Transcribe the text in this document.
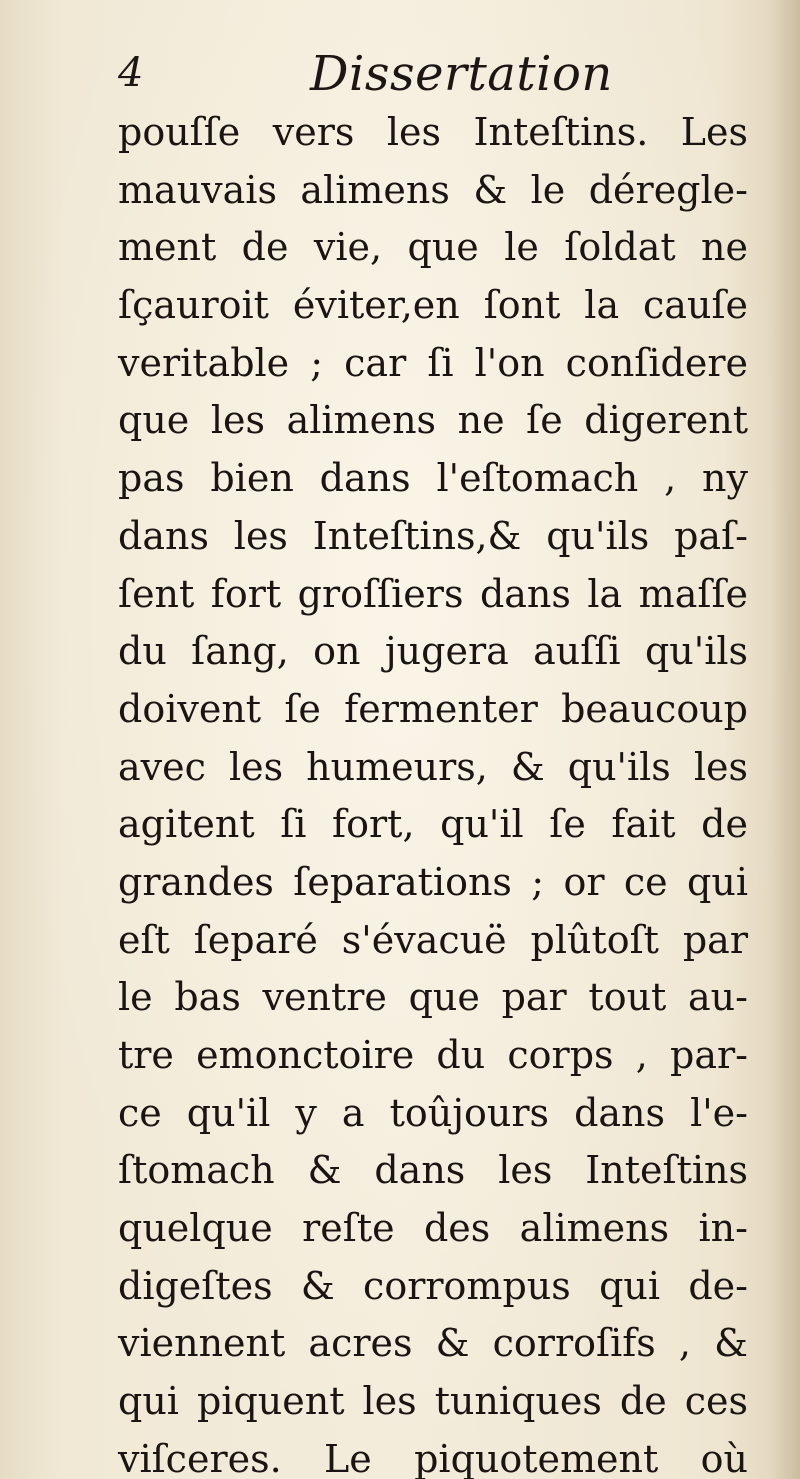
4	Dissertation
pouſſe vers les Inteſtins. Les
mauvais alimens & le déregle-
ment de vie, que le ſoldat ne
ſçauroit éviter,en ſont la cauſe
veritable ; car ſi l'on conſidere
que les alimens ne ſe digerent
pas bien dans l'eſtomach , ny
dans les Inteſtins,& qu'ils paſ-
ſent fort groſſiers dans la maſſe
du ſang, on jugera auſſi qu'ils
doivent ſe fermenter beaucoup
avec les humeurs, & qu'ils les
agitent ſi fort, qu'il ſe fait de
grandes ſeparations ; or ce qui
eſt ſeparé s'évacuë plûtoſt par
le bas ventre que par tout au-
tre emonctoire du corps , par-
ce qu'il y a toûjours dans l'e-
ſtomach & dans les Inteſtins
quelque reſte des alimens in-
digeſtes & corrompus qui de-
viennent acres & corroſifs , &
qui piquent les tuniques de ces
viſceres. Le piquotement où
